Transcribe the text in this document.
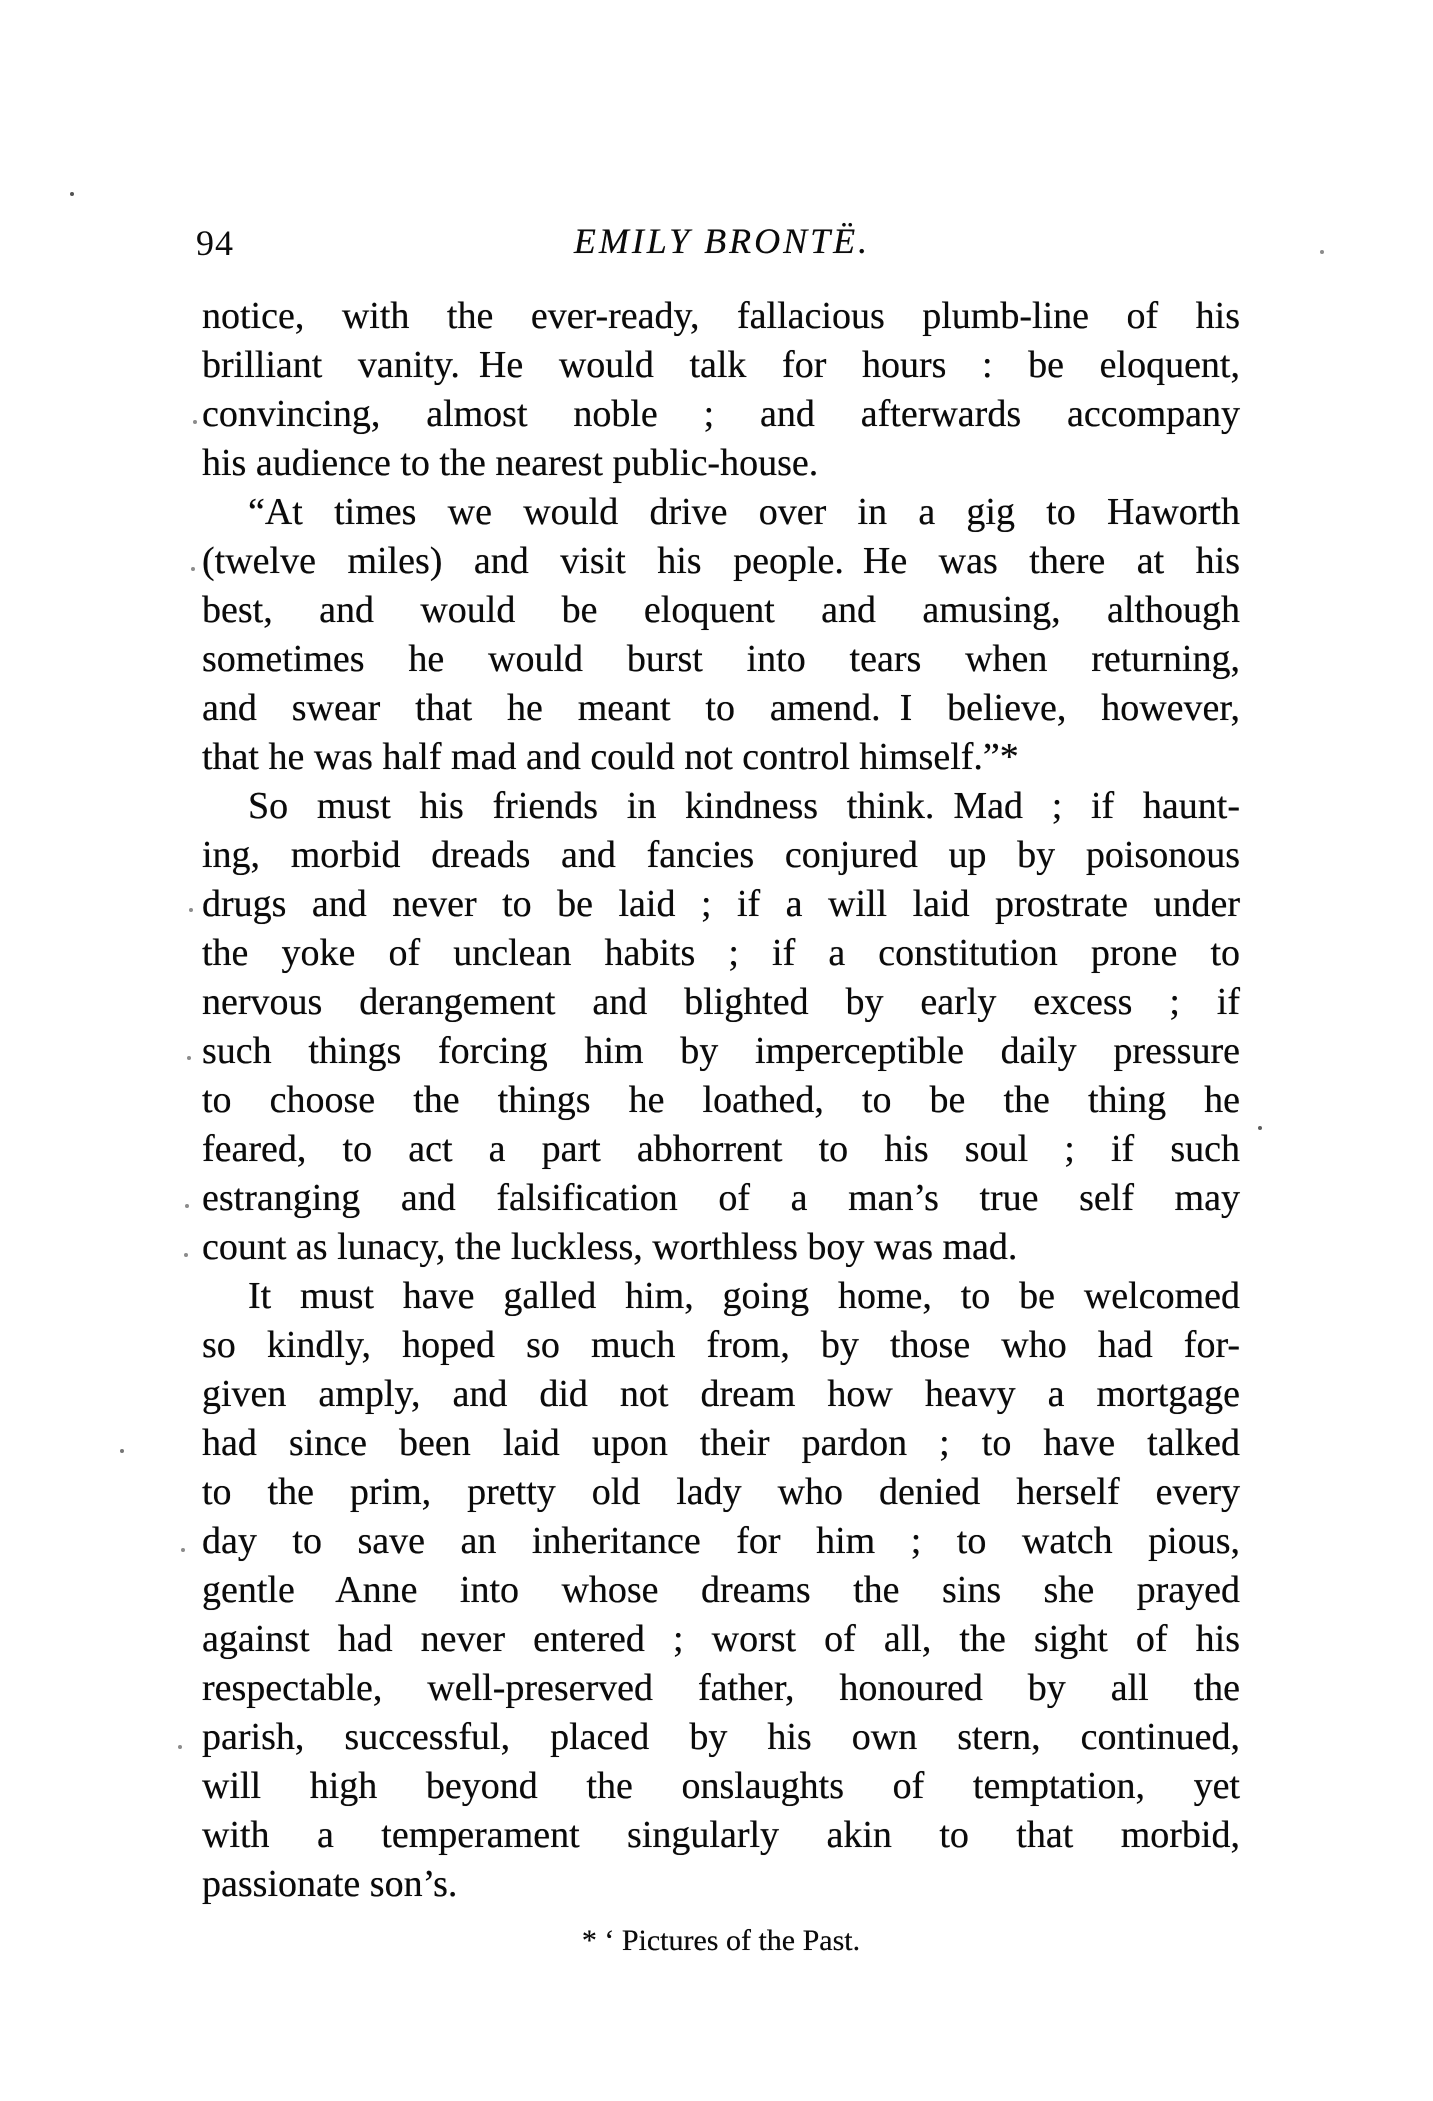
94	EMILY BRONTË.
notice, with the ever-ready, fallacious plumb-line of his
brilliant vanity. He would talk for hours : be eloquent,
convincing, almost noble ; and afterwards accompany
his audience to the nearest public-house.
“At times we would drive over in a gig to Haworth
(twelve miles) and visit his people. He was there at his
best, and would be eloquent and amusing, although
sometimes he would burst into tears when returning,
and swear that he meant to amend. I believe, however,
that he was half mad and could not control himself.”*
So must his friends in kindness think. Mad ; if haunt-
ing, morbid dreads and fancies conjured up by poisonous
drugs and never to be laid ; if a will laid prostrate under
the yoke of unclean habits ; if a constitution prone to
nervous derangement and blighted by early excess ; if
such things forcing him by imperceptible daily pressure
to choose the things he loathed, to be the thing he
feared, to act a part abhorrent to his soul ; if such
estranging and falsification of a man’s true self may
count as lunacy, the luckless, worthless boy was mad.
It must have galled him, going home, to be welcomed
so kindly, hoped so much from, by those who had for-
given amply, and did not dream how heavy a mortgage
had since been laid upon their pardon ; to have talked
to the prim, pretty old lady who denied herself every
day to save an inheritance for him ; to watch pious,
gentle Anne into whose dreams the sins she prayed
against had never entered ; worst of all, the sight of his
respectable, well-preserved father, honoured by all the
parish, successful, placed by his own stern, continued,
will high beyond the onslaughts of temptation, yet
with a temperament singularly akin to that morbid,
passionate son’s.
* ‘ Pictures of the Past.
